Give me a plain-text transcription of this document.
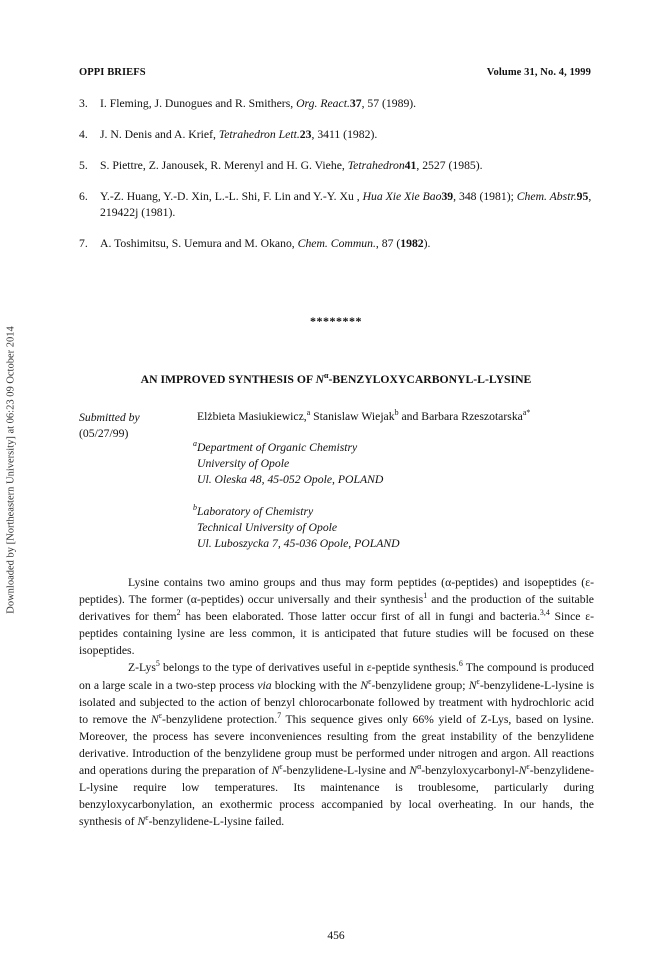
OPPI BRIEFS	Volume 31, No. 4, 1999
Downloaded by [Northeastern University] at 06:23 09 October 2014
3.	I. Fleming, J. Dunogues and R. Smithers, Org. React.37, 57 (1989).
4.	J. N. Denis and A. Krief, Tetrahedron Lett.23, 3411 (1982).
5.	S. Piettre, Z. Janousek, R. Merenyl and H. G. Viehe, Tetrahedron41, 2527 (1985).
6.	Y.-Z. Huang, Y.-D. Xin, L.-L. Shi, F. Lin and Y.-Y. Xu , Hua Xie Xie Bao39, 348 (1981); Chem. Abstr.95, 219422j (1981).
7.	A. Toshimitsu, S. Uemura and M. Okano, Chem. Commun., 87 (1982).
********
AN IMPROVED SYNTHESIS OF $N^\alpha-BENZYLOXYCARBONYL-L$-LYSINE
Submitted by
(05/27/99)
Elżbieta Masiukiewicz,$^a$ Stanislaw Wiejak$^b$ and Barbara Rzeszotarska$^{a*}$
$^a$Department of Organic Chemistry
University of Opole
Ul. Oleska 48, 45-052 Opole, POLAND
$^b$Laboratory of Chemistry
Technical University of Opole
Ul. Luboszycka 7, 45-036 Opole, POLAND

Lysine contains two amino groups and thus may form peptides (α-peptides) and isopeptides (ε-peptides). The former (α-peptides) occur universally and their synthesis$^1$ and the production of the suitable derivatives for them$^2$ has been elaborated. Those latter occur first of all in fungi and bacteria.$^{3,4}$ Since ε-peptides containing lysine are less common, it is anticipated that future studies will be focused on these isopeptides.

Z-Lys$^5$ belongs to the type of derivatives useful in ε-peptide synthesis.$^6$ The compound is produced on a large scale in a two-step process via blocking with the $N^\varepsilon$-benzylidene group; $N^\varepsilon-benzylidene-L$-lysine is isolated and subjected to the action of benzyl chlorocarbonate followed by treatment with hydrochloric acid to remove the $N^\varepsilon$-benzylidene protection.$^7$ This sequence gives only 66% yield of Z-Lys, based on lysine. Moreover, the process has severe inconveniences resulting from the great instability of the benzylidene derivative. Introduction of the benzylidene group must be performed under nitrogen and argon. All reactions and operations during the preparation of $N^\varepsilon-benzylidene-L$-lysine and $N^\alpha-benzyloxycarbonyl-N^\varepsilon-benzylidene-L$-lysine require low temperatures. Its maintenance is troublesome, particularly during benzyloxycarbonylation, an exothermic process accompanied by local overheating. In our hands, the synthesis of $N^\varepsilon-benzylidene-L$-lysine failed.

456
